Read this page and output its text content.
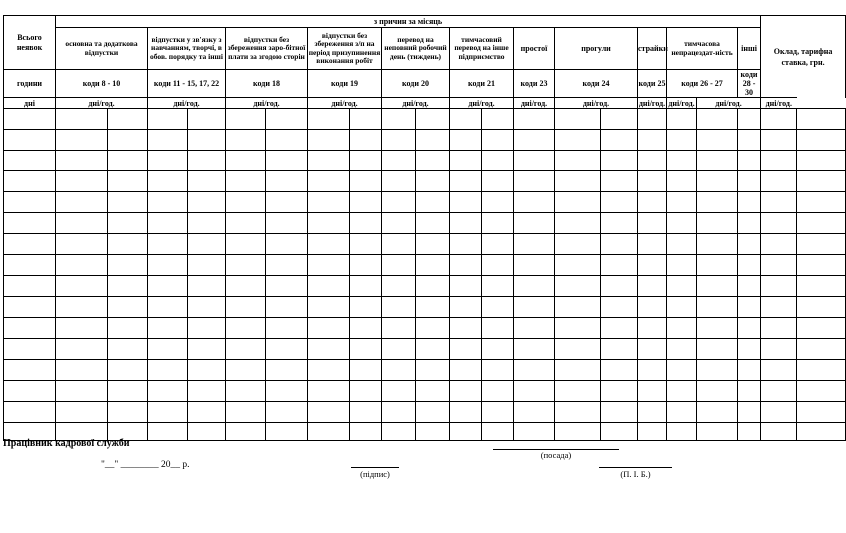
Всього неявок	з причин за місяць																			Оклад, тарифна ставка, грн.	
	основна та додаткова відпустки		відпустки у зв'язку з навчанням, творчі, в обов. порядку та інші		відпустки без збереження заро-бітної плати за згодою сторін		відпустки без збереження з/п на період призупинення виконання робіт		перевод на неповний робочий день (тиждень)		тимчасовий перевод на інше підприємство		простої	прогули		страйки	тимчасова непрацездат-ність		інші		
години	коди 8 - 10		коди 11 - 15, 17, 22		коди 18		коди 19		коди 20		коди 21		коди 23	коди 24		коди 25	коди 26 - 27		коди 28 - 30		
дні	дні/год.		дні/год.		дні/год.		дні/год.		дні/год.		дні/год.		дні/год.	дні/год.		дні/год.	дні/год.	дні/год.		дні/год.	

Працівник кадрової служби
"__" ________ 20__ р.
(посада)
(підпис)	(П. І. Б.)
